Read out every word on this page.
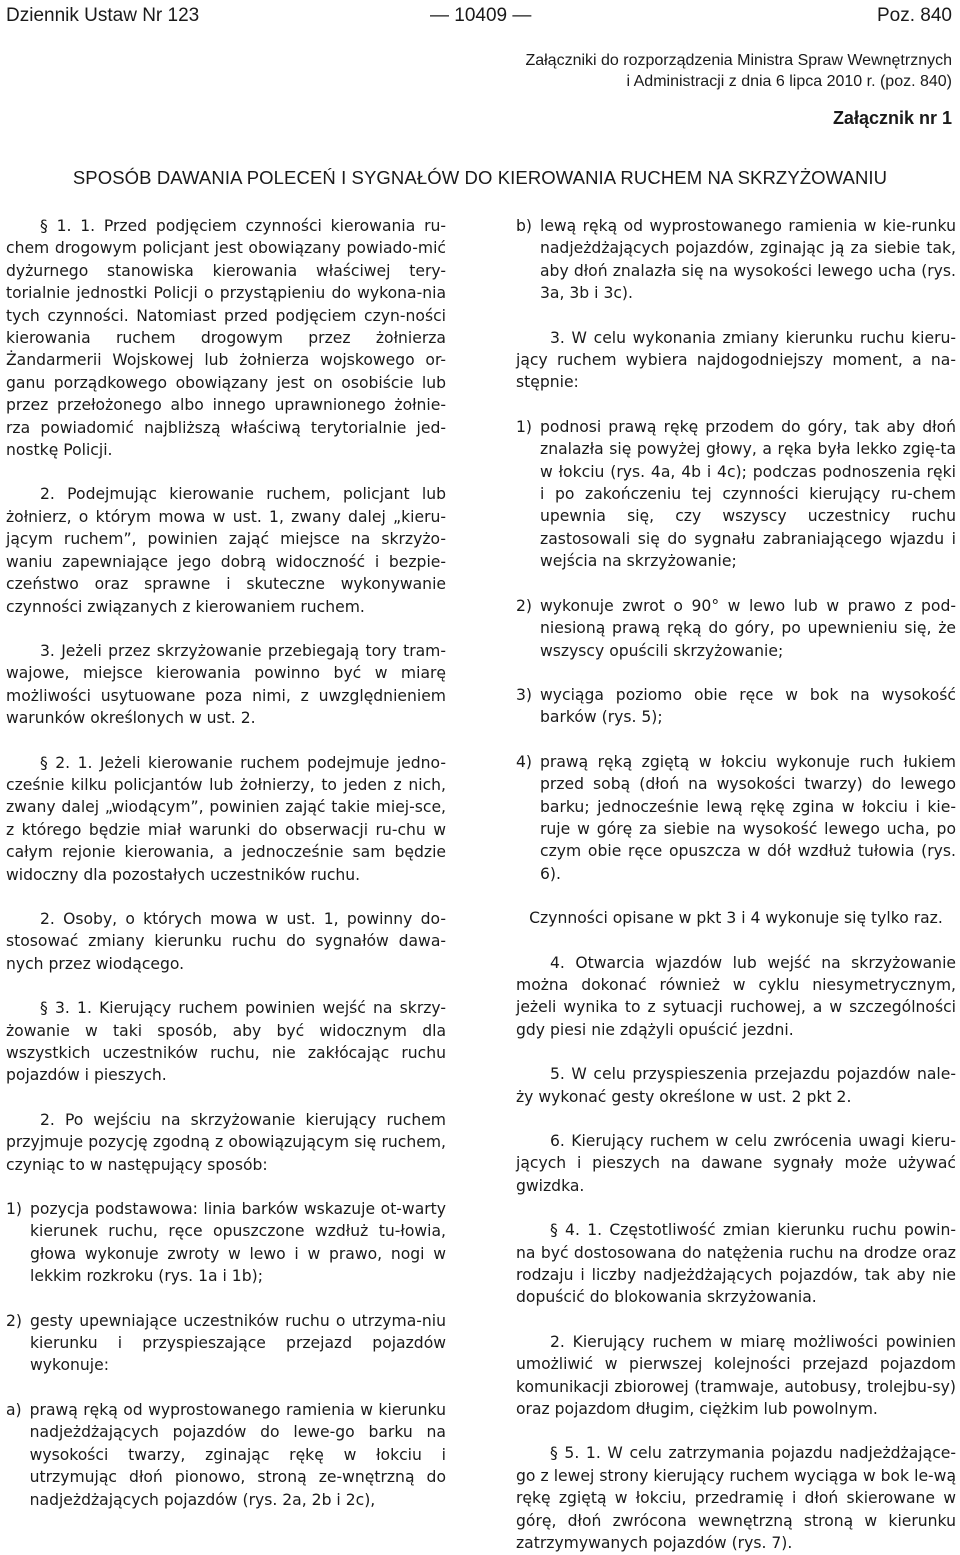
Dziennik Ustaw Nr 123	— 10409 —	Poz. 840
Załączniki do rozporządzenia Ministra Spraw Wewnętrznych
i Administracji z dnia 6 lipca 2010 r. (poz. 840)
Załącznik nr 1
SPOSÓB DAWANIA POLECEŃ I SYGNAŁÓW DO KIEROWANIA RUCHEM NA SKRZYŻOWANIU

§ 1. 1. Przed podjęciem czynności kierowania ru-chem drogowym policjant jest obowiązany powiado-mić dyżurnego stanowiska kierowania właściwej tery-torialnie jednostki Policji o przystąpieniu do wykona-nia tych czynności. Natomiast przed podjęciem czyn-ności kierowania ruchem drogowym przez żołnierza Żandarmerii Wojskowej lub żołnierza wojskowego or-ganu porządkowego obowiązany jest on osobiście lub przez przełożonego albo innego uprawnionego żołnie-rza powiadomić najbliższą właściwą terytorialnie jed-nostkę Policji.

2. Podejmując kierowanie ruchem, policjant lub żołnierz, o którym mowa w ust. 1, zwany dalej „kieru-jącym ruchem”, powinien zająć miejsce na skrzyżo-waniu zapewniające jego dobrą widoczność i bezpie-czeństwo oraz sprawne i skuteczne wykonywanie czynności związanych z kierowaniem ruchem.

3. Jeżeli przez skrzyżowanie przebiegają tory tram-wajowe, miejsce kierowania powinno być w miarę możliwości usytuowane poza nimi, z uwzględnieniem warunków określonych w ust. 2.

§ 2. 1. Jeżeli kierowanie ruchem podejmuje jedno-cześnie kilku policjantów lub żołnierzy, to jeden z nich, zwany dalej „wiodącym”, powinien zająć takie miej-sce, z którego będzie miał warunki do obserwacji ru-chu w całym rejonie kierowania, a jednocześnie sam będzie widoczny dla pozostałych uczestników ruchu.

2. Osoby, o których mowa w ust. 1, powinny do-stosować zmiany kierunku ruchu do sygnałów dawa-nych przez wiodącego.

§ 3. 1. Kierujący ruchem powinien wejść na skrzy-żowanie w taki sposób, aby być widocznym dla wszystkich uczestników ruchu, nie zakłócając ruchu pojazdów i pieszych.

2. Po wejściu na skrzyżowanie kierujący ruchem przyjmuje pozycję zgodną z obowiązującym się ruchem, czyniąc to w następujący sposób:

1) pozycja podstawowa: linia barków wskazuje ot-warty kierunek ruchu, ręce opuszczone wzdłuż tu-łowia, głowa wykonuje zwroty w lewo i w prawo, nogi w lekkim rozkroku (rys. 1a i 1b);
2) gesty upewniające uczestników ruchu o utrzyma-niu kierunku i przyspieszające przejazd pojazdów wykonuje:
a) prawą ręką od wyprostowanego ramienia w kierunku nadjeżdżających pojazdów do lewe-go barku na wysokości twarzy, zginając rękę w łokciu i utrzymując dłoń pionowo, stroną ze-wnętrzną do nadjeżdżających pojazdów (rys. 2a, 2b i 2c),
b) lewą ręką od wyprostowanego ramienia w kie-runku nadjeżdżających pojazdów, zginając ją za siebie tak, aby dłoń znalazła się na wysokości lewego ucha (rys. 3a, 3b i 3c).

3. W celu wykonania zmiany kierunku ruchu kieru-jący ruchem wybiera najdogodniejszy moment, a na-stępnie:

1) podnosi prawą rękę przodem do góry, tak aby dłoń znalazła się powyżej głowy, a ręka była lekko zgię-ta w łokciu (rys. 4a, 4b i 4c); podczas podnoszenia ręki i po zakończeniu tej czynności kierujący ru-chem upewnia się, czy wszyscy uczestnicy ruchu zastosowali się do sygnału zabraniającego wjazdu i wejścia na skrzyżowanie;
2) wykonuje zwrot o 90° w lewo lub w prawo z pod-niesioną prawą ręką do góry, po upewnieniu się, że wszyscy opuścili skrzyżowanie;
3) wyciąga poziomo obie ręce w bok na wysokość barków (rys. 5);
4) prawą ręką zgiętą w łokciu wykonuje ruch łukiem przed sobą (dłoń na wysokości twarzy) do lewego barku; jednocześnie lewą rękę zgina w łokciu i kie-ruje w górę za siebie na wysokość lewego ucha, po czym obie ręce opuszcza w dół wzdłuż tułowia (rys. 6).

Czynności opisane w pkt 3 i 4 wykonuje się tylko raz.

4. Otwarcia wjazdów lub wejść na skrzyżowanie można dokonać również w cyklu niesymetrycznym, jeżeli wynika to z sytuacji ruchowej, a w szczególności gdy piesi nie zdążyli opuścić jezdni.

5. W celu przyspieszenia przejazdu pojazdów nale-ży wykonać gesty określone w ust. 2 pkt 2.

6. Kierujący ruchem w celu zwrócenia uwagi kieru-jących i pieszych na dawane sygnały może używać gwizdka.

§ 4. 1. Częstotliwość zmian kierunku ruchu powin-na być dostosowana do natężenia ruchu na drodze oraz rodzaju i liczby nadjeżdżających pojazdów, tak aby nie dopuścić do blokowania skrzyżowania.

2. Kierujący ruchem w miarę możliwości powinien umożliwić w pierwszej kolejności przejazd pojazdom komunikacji zbiorowej (tramwaje, autobusy, trolejbu-sy) oraz pojazdom długim, ciężkim lub powolnym.

§ 5. 1. W celu zatrzymania pojazdu nadjeżdżające-go z lewej strony kierujący ruchem wyciąga w bok le-wą rękę zgiętą w łokciu, przedramię i dłoń skierowane w górę, dłoń zwrócona wewnętrzną stroną w kierunku zatrzymywanych pojazdów (rys. 7).
